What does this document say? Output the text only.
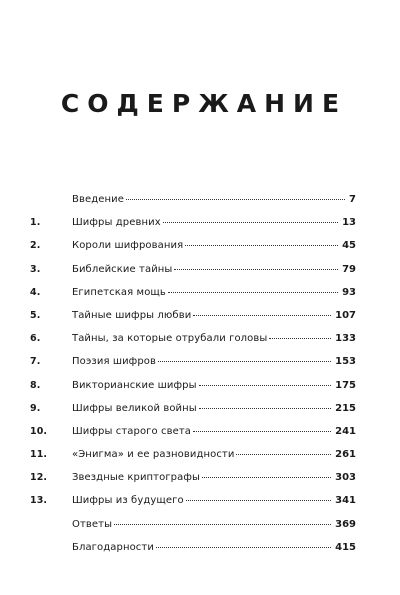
СОДЕРЖАНИЕ
Введение	7
1.	Шифры древних	13
2.	Короли шифрования	45
3.	Библейские тайны	79
4.	Египетская мощь	93
5.	Тайные шифры любви	107
6.	Тайны, за которые отрубали головы	133
7.	Поэзия шифров	153
8.	Викторианские шифры	175
9.	Шифры великой войны	215
10.	Шифры старого света	241
11.	«Энигма» и ее разновидности	261
12.	Звездные криптографы	303
13.	Шифры из будущего	341
Ответы	369
Благодарности	415
